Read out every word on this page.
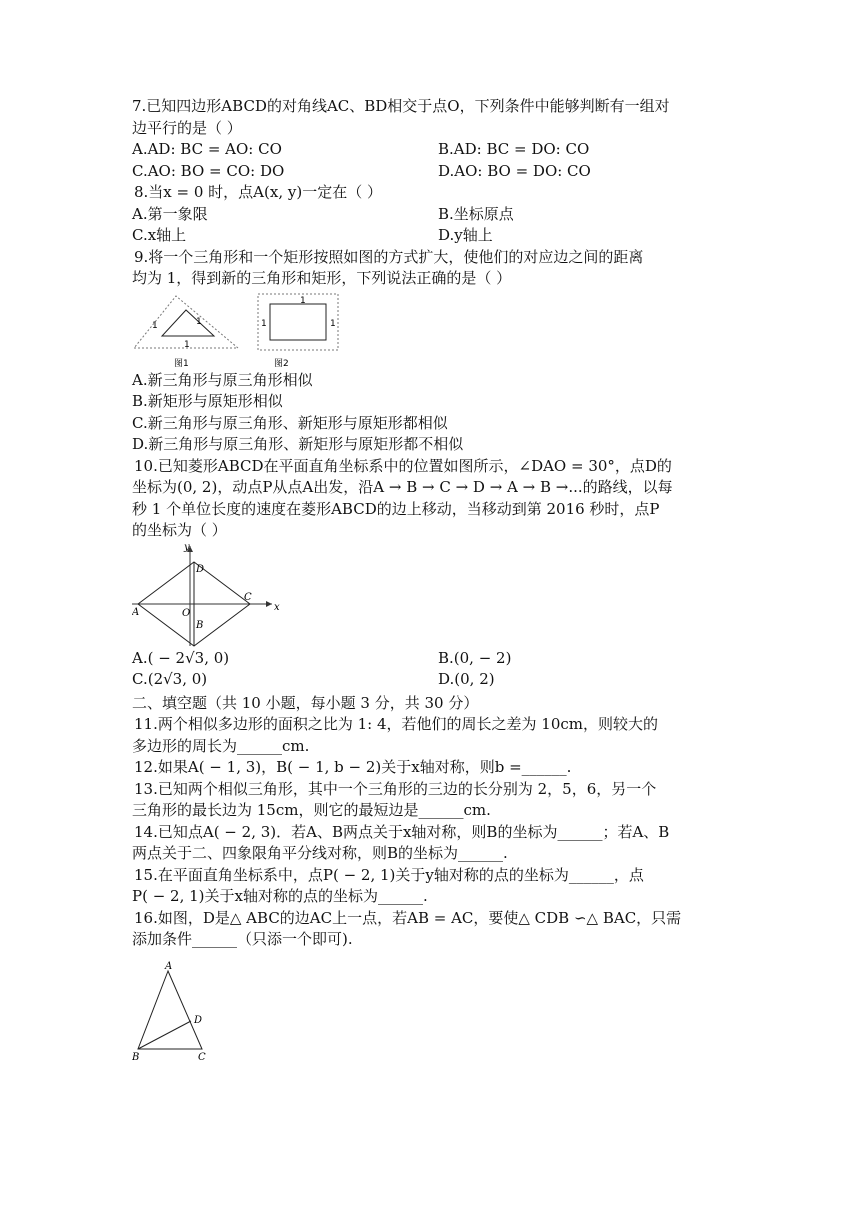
7.已知四边形ABCD的对角线AC、BD相交于点O，下列条件中能够判断有一组对
边平行的是（ ）
A.AD: BC = AO: CO	B.AD: BC = DO: CO
C.AO: BO = CO: DO	D.AO: BO = DO: CO
8.当x = 0 时，点A(x, y)一定在（ ）
A.第一象限	B.坐标原点
C.x轴上	D.y轴上
9.将一个三角形和一个矩形按照如图的方式扩大，使他们的对应边之间的距离
均为 1，得到新的三角形和矩形，下列说法正确的是（ ）
1	1
1
图1
1
1	1
图2
A.新三角形与原三角形相似
B.新矩形与原矩形相似
C.新三角形与原三角形、新矩形与原矩形都相似
D.新三角形与原三角形、新矩形与原矩形都不相似
10.已知菱形ABCD在平面直角坐标系中的位置如图所示，∠DAO = 30°，点D的
坐标为(0, 2)，动点P从点A出发，沿A → B → C → D → A → B →...的路线，以每
秒 1 个单位长度的速度在菱形ABCD的边上移动，当移动到第 2016 秒时，点P
的坐标为（ ）
y
x
A
B
C
D
O
A.( − 2√3, 0)	B.(0, − 2)
C.(2√3, 0)	D.(0, 2)
二、填空题（共 10 小题，每小题 3 分，共 30 分）
11.两个相似多边形的面积之比为 1: 4，若他们的周长之差为 10cm，则较大的
多边形的周长为______cm.
12.如果A( − 1, 3)，B( − 1, b − 2)关于x轴对称，则b =______.
13.已知两个相似三角形，其中一个三角形的三边的长分别为 2，5，6，另一个
三角形的最长边为 15cm，则它的最短边是______cm.
14.已知点A( − 2, 3)．若A、B两点关于x轴对称，则B的坐标为______；若A、B
两点关于二、四象限角平分线对称，则B的坐标为______.
15.在平面直角坐标系中，点P( − 2, 1)关于y轴对称的点的坐标为______，点
P( − 2, 1)关于x轴对称的点的坐标为______.
16.如图，D是△ ABC的边AC上一点，若AB = AC，要使△ CDB ∽△ BAC，只需
添加条件______（只添一个即可).
A
B	C
D
